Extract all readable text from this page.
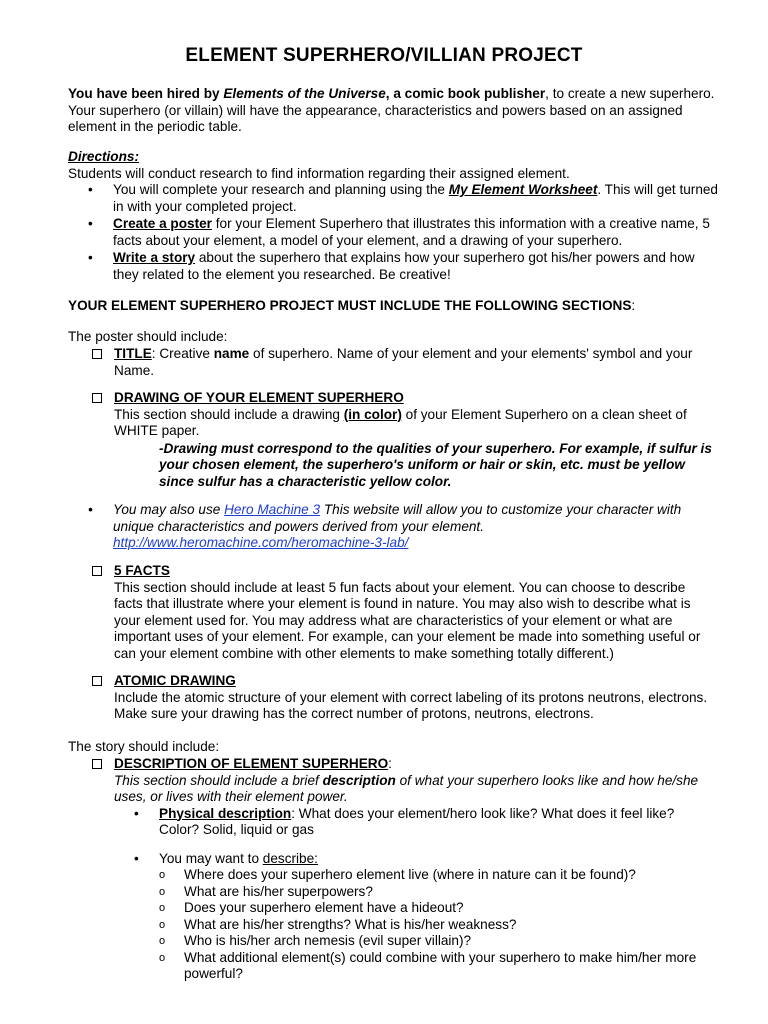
ELEMENT SUPERHERO/VILLIAN PROJECT
You have been hired by Elements of the Universe, a comic book publisher, to create a new superhero. Your superhero (or villain) will have the appearance, characteristics and powers based on an assigned element in the periodic table.
Directions:
Students will conduct research to find information regarding their assigned element.
• You will complete your research and planning using the My Element Worksheet. This will get turned in with your completed project.
• Create a poster for your Element Superhero that illustrates this information with a creative name, 5 facts about your element, a model of your element, and a drawing of your superhero.
• Write a story about the superhero that explains how your superhero got his/her powers and how they related to the element you researched. Be creative!
YOUR ELEMENT SUPERHERO PROJECT MUST INCLUDE THE FOLLOWING SECTIONS:
The poster should include:
TITLE: Creative name of superhero. Name of your element and your elements' symbol and your Name.
DRAWING OF YOUR ELEMENT SUPERHERO
This section should include a drawing (in color) of your Element Superhero on a clean sheet of WHITE paper.
-Drawing must correspond to the qualities of your superhero. For example, if sulfur is your chosen element, the superhero's uniform or hair or skin, etc. must be yellow since sulfur has a characteristic yellow color.
• You may also use Hero Machine 3 This website will allow you to customize your character with unique characteristics and powers derived from your element.
http://www.heromachine.com/heromachine-3-lab/
5 FACTS
This section should include at least 5 fun facts about your element. You can choose to describe facts that illustrate where your element is found in nature. You may also wish to describe what is your element used for. You may address what are characteristics of your element or what are important uses of your element. For example, can your element be made into something useful or can your element combine with other elements to make something totally different.)
ATOMIC DRAWING
Include the atomic structure of your element with correct labeling of its protons neutrons, electrons. Make sure your drawing has the correct number of protons, neutrons, electrons.
The story should include:
DESCRIPTION OF ELEMENT SUPERHERO:
This section should include a brief description of what your superhero looks like and how he/she uses, or lives with their element power.
• Physical description: What does your element/hero look like? What does it feel like? Color? Solid, liquid or gas
• You may want to describe:
o Where does your superhero element live (where in nature can it be found)?
o What are his/her superpowers?
o Does your superhero element have a hideout?
o What are his/her strengths? What is his/her weakness?
o Who is his/her arch nemesis (evil super villain)?
o What additional element(s) could combine with your superhero to make him/her more powerful?
